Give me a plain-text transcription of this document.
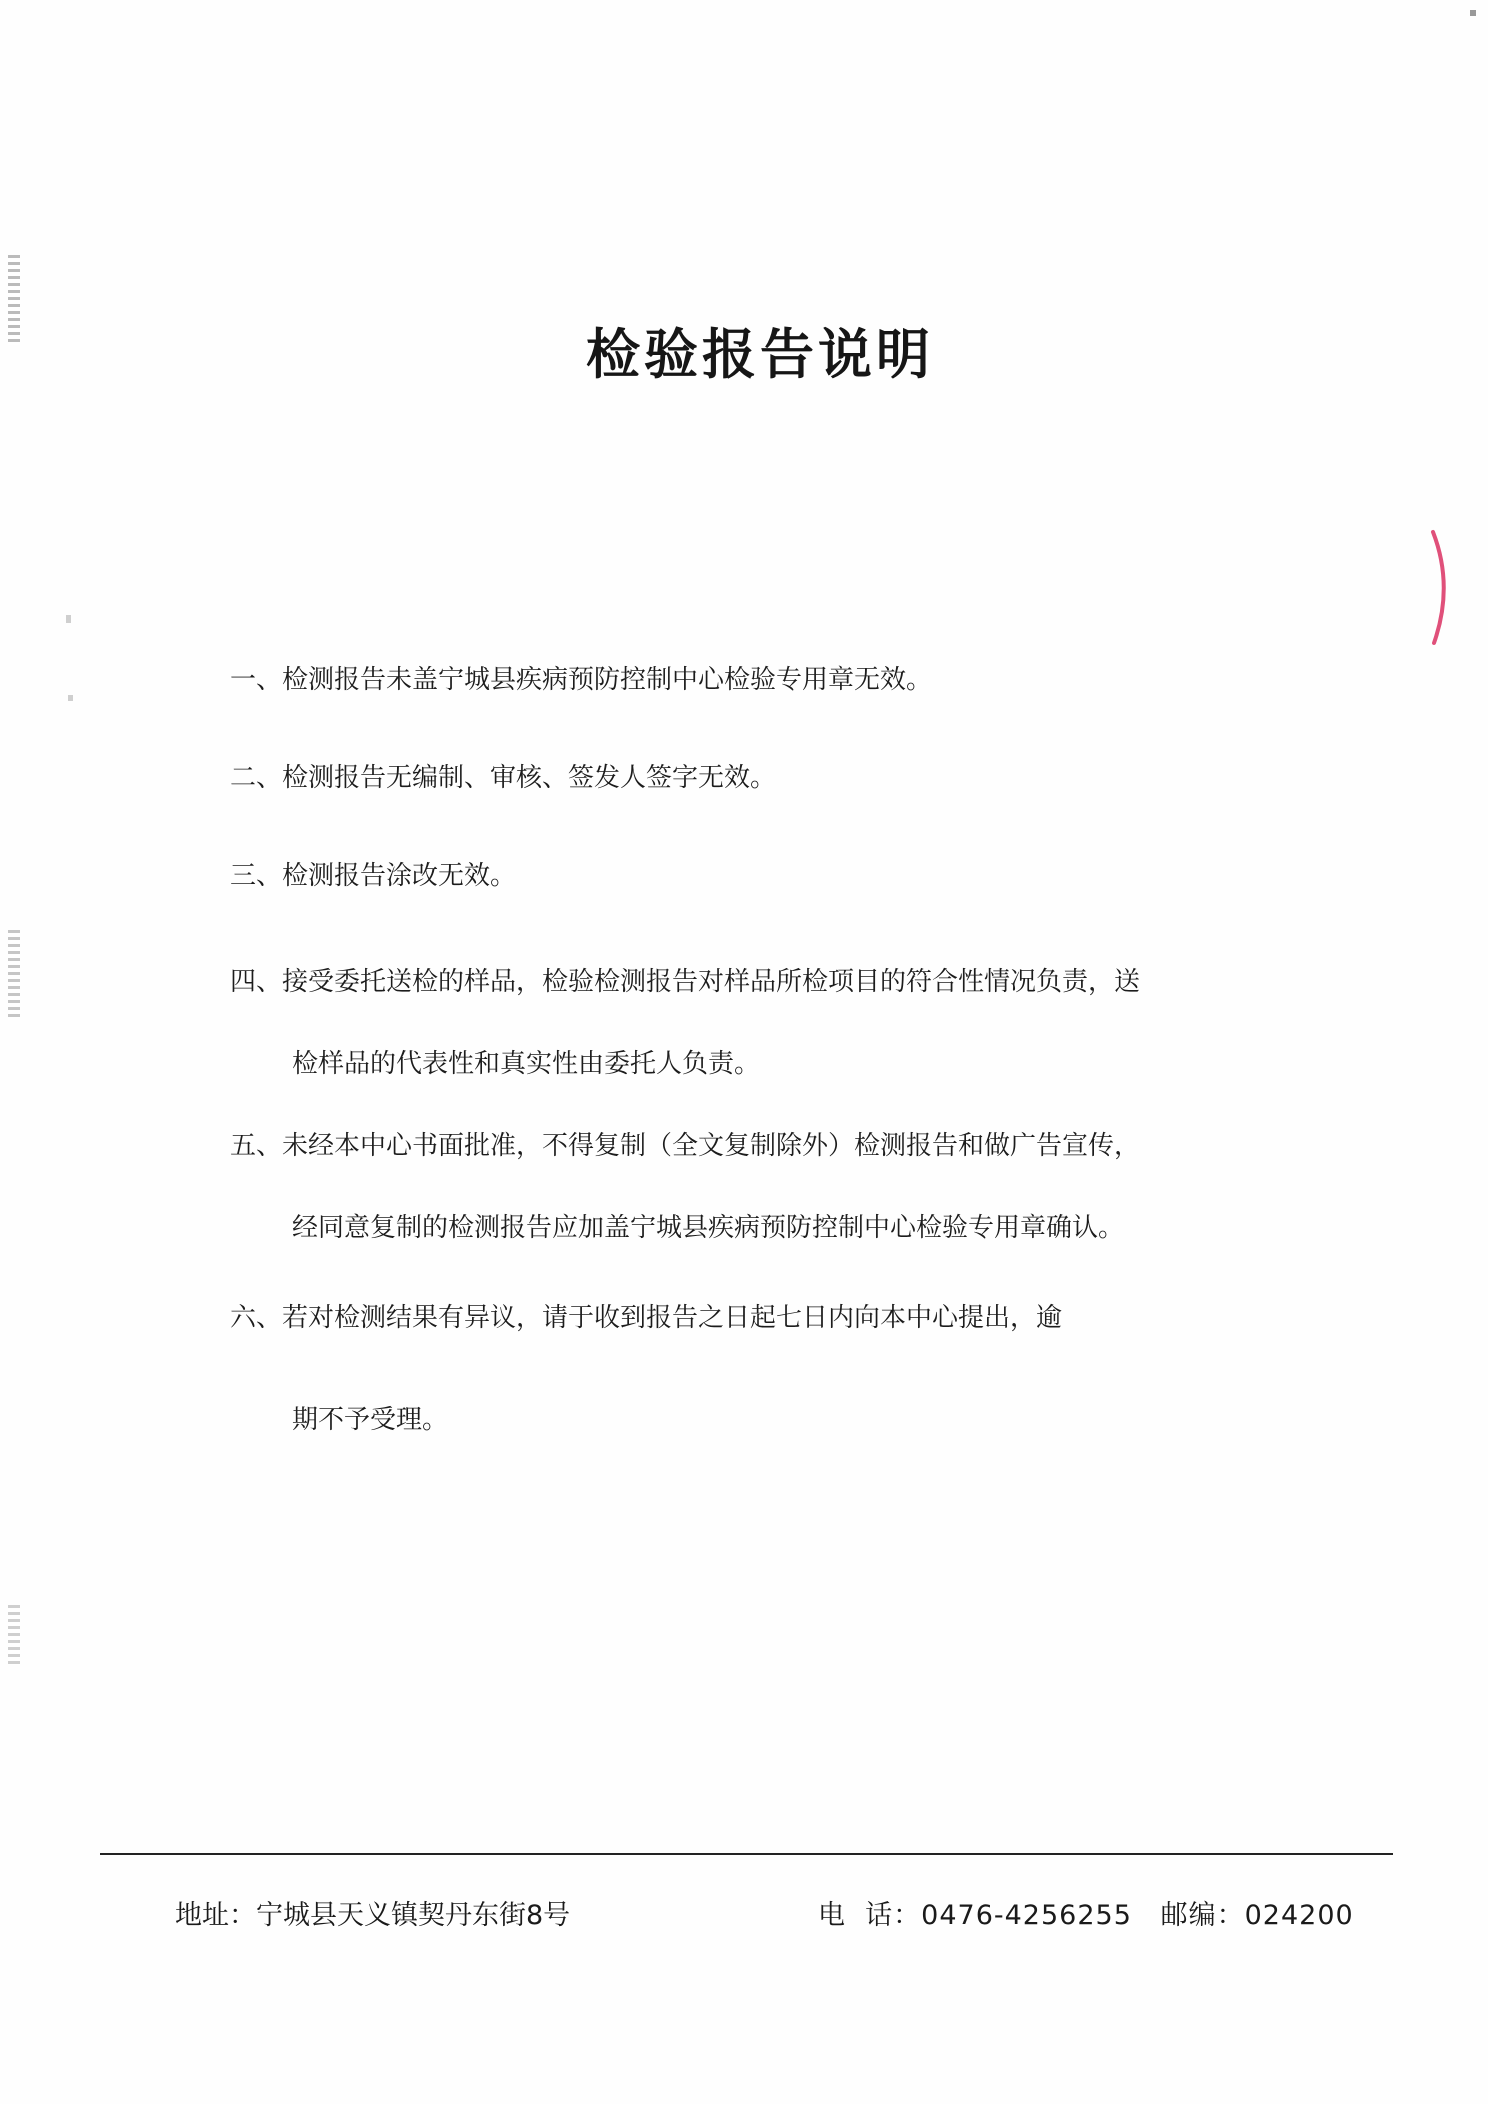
检验报告说明
一、检测报告未盖宁城县疾病预防控制中心检验专用章无效。
二、检测报告无编制、审核、签发人签字无效。
三、检测报告涂改无效。
四、接受委托送检的样品，检验检测报告对样品所检项目的符合性情况负责，送
检样品的代表性和真实性由委托人负责。
五、未经本中心书面批准，不得复制（全文复制除外）检测报告和做广告宣传，
经同意复制的检测报告应加盖宁城县疾病预防控制中心检验专用章确认。
六、若对检测结果有异议，请于收到报告之日起七日内向本中心提出，逾
期不予受理。
地址：宁城县天义镇契丹东街8号	电  话：0476-4256255   邮编：024200
